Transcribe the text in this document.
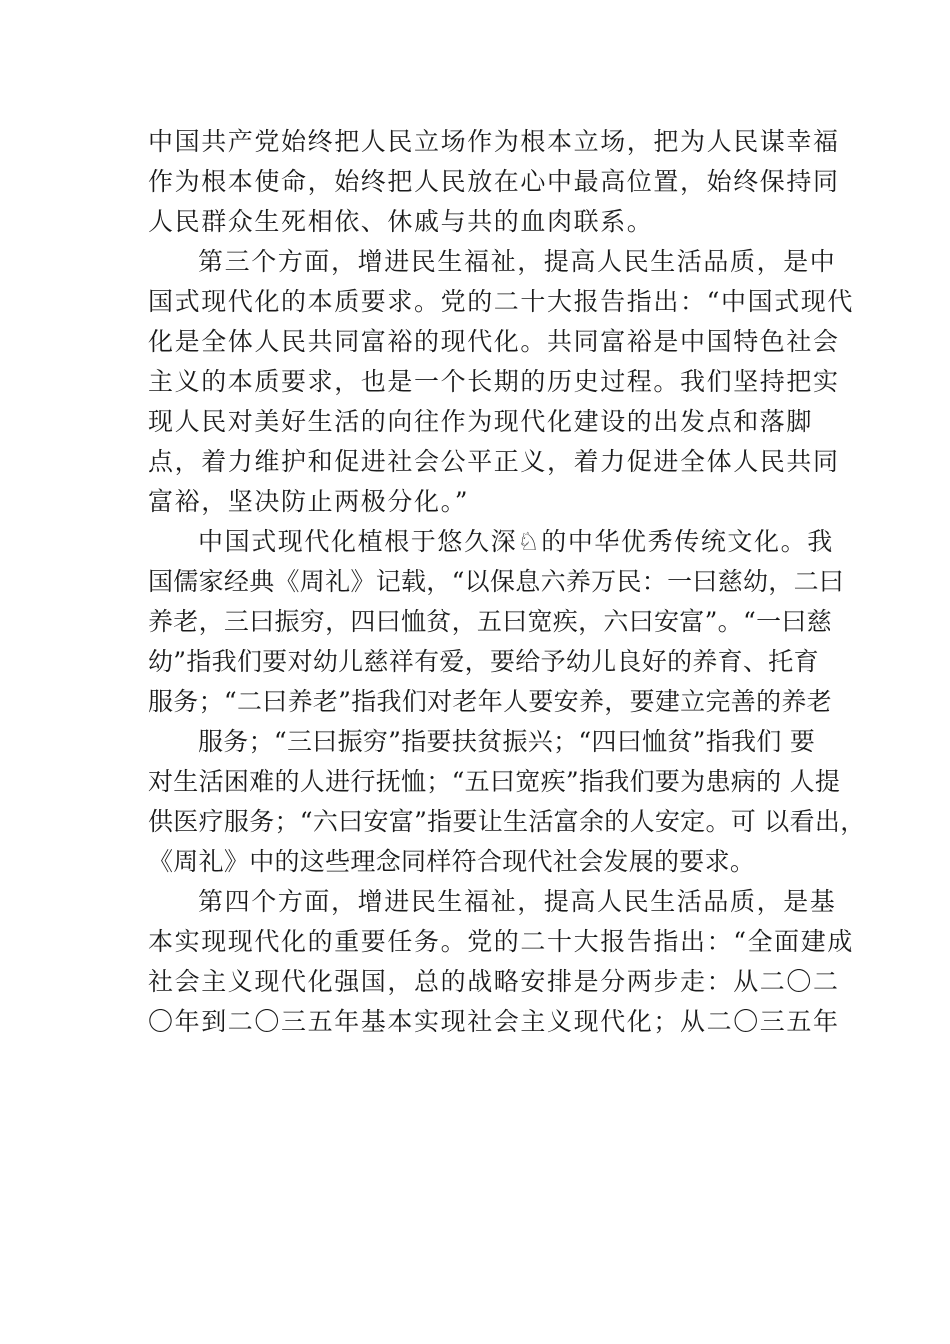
中国共产党始终把人民立场作为根本立场，把为人民谋幸福
作为根本使命，始终把人民放在心中最高位置，始终保持同
人民群众生死相依、休戚与共的血肉联系。
第三个方面，增进民生福祉，提高人民生活品质，是中
国式现代化的本质要求。党的二十大报告指出：“中国式现代
化是全体人民共同富裕的现代化。共同富裕是中国特色社会
主义的本质要求，也是一个长期的历史过程。我们坚持把实
现人民对美好生活的向往作为现代化建设的出发点和落脚
点，着力维护和促进社会公平正义，着力促进全体人民共同
富裕，坚决防止两极分化。”
中国式现代化植根于悠久深♘的中华优秀传统文化。我
国儒家经典《周礼》记载，“以保息六养万民：一曰慈幼，二曰
养老，三曰振穷，四曰恤贫，五曰宽疾，六曰安富”。“一曰慈
幼”指我们要对幼儿慈祥有爱，要给予幼儿良好的养育、托育
服务；“二曰养老”指我们对老年人要安养，要建立完善的养老
服务；“三曰振穷”指要扶贫振兴；“四曰恤贫”指我们 要
对生活困难的人进行抚恤；“五曰宽疾”指我们要为患病的 人提
供医疗服务；“六曰安富”指要让生活富余的人安定。可 以看出，
《周礼》中的这些理念同样符合现代社会发展的要求。
第四个方面，增进民生福祉，提高人民生活品质，是基
本实现现代化的重要任务。党的二十大报告指出：“全面建成
社会主义现代化强国，总的战略安排是分两步走：从二〇二
〇年到二〇三五年基本实现社会主义现代化；从二〇三五年
